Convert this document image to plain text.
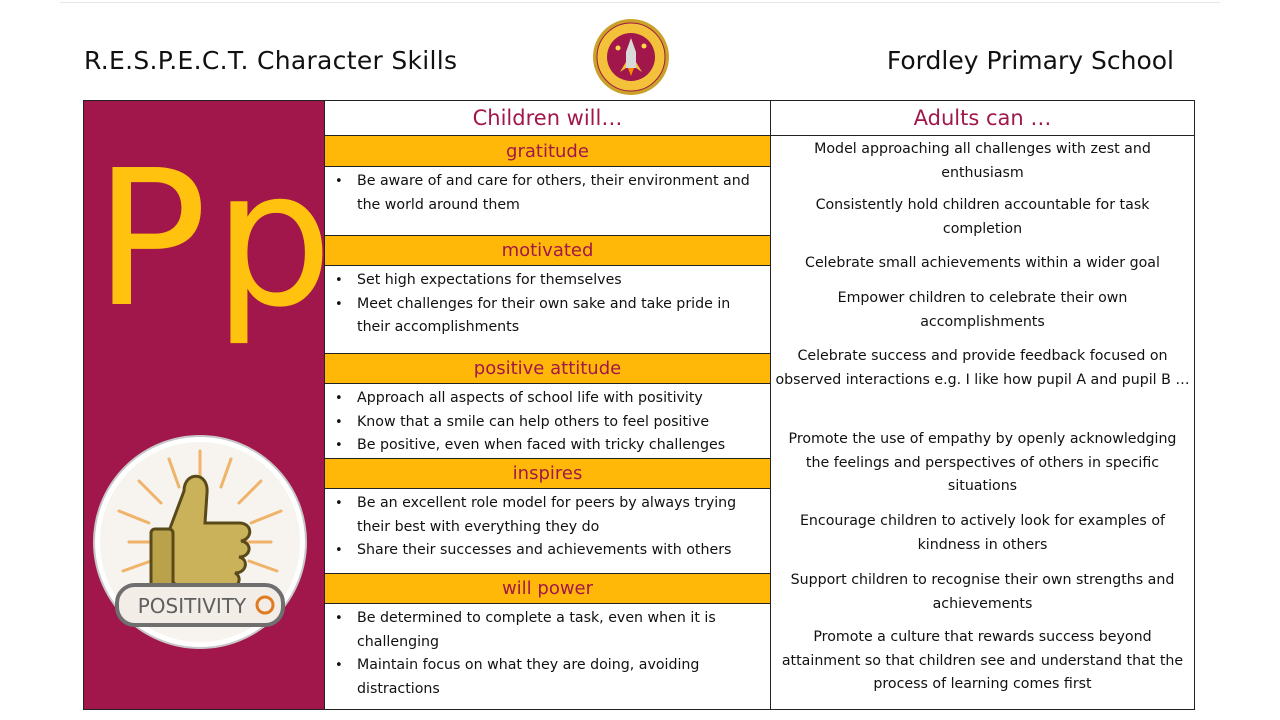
R.E.S.P.E.C.T. Character Skills	Fordley Primary School
Pp
POSITIVITY
Children will…
gratitude
• Be aware of and care for others, their environment and the world around them
motivated
• Set high expectations for themselves
• Meet challenges for their own sake and take pride in their accomplishments
positive attitude
• Approach all aspects of school life with positivity
• Know that a smile can help others to feel positive
• Be positive, even when faced with tricky challenges
inspires
• Be an excellent role model for peers by always trying their best with everything they do
• Share their successes and achievements with others
will power
• Be determined to complete a task, even when it is challenging
• Maintain focus on what they are doing, avoiding distractions
Adults can …
Model approaching all challenges with zest and enthusiasm
Consistently hold children accountable for task completion
Celebrate small achievements within a wider goal
Empower children to celebrate their own accomplishments
Celebrate success and provide feedback focused on observed interactions e.g. I like how pupil A and pupil B …
Promote the use of empathy by openly acknowledging the feelings and perspectives of others in specific situations
Encourage children to actively look for examples of kindness in others
Support children to recognise their own strengths and achievements
Promote a culture that rewards success beyond attainment so that children see and understand that the process of learning comes first
